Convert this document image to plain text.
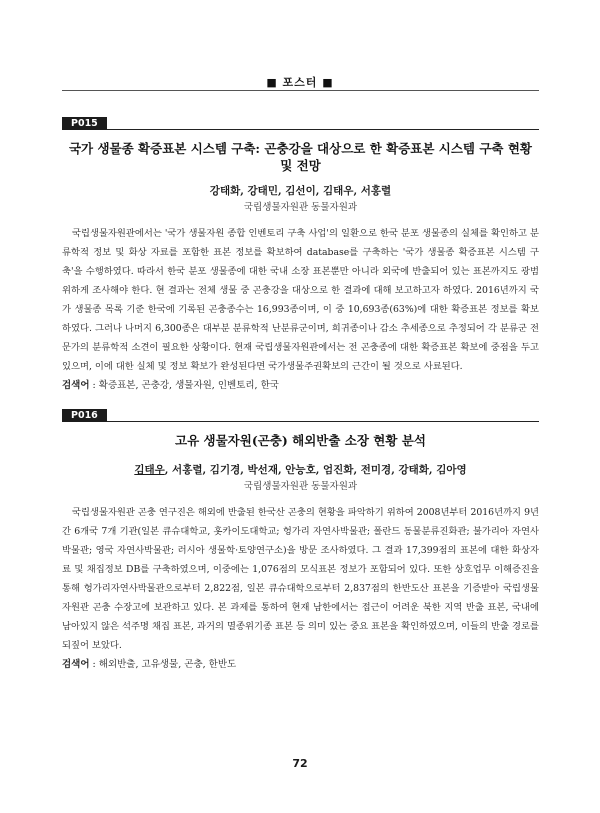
■ 포스터 ■
P015
국가 생물종 확증표본 시스템 구축: 곤충강을 대상으로 한 확증표본 시스템 구축 현황 및 전망
강태화, 강태민, 김선이, 김태우, 서홍렬
국립생물자원관 동물자원과
국립생물자원관에서는 '국가 생물자원 종합 인벤토리 구축 사업'의 일환으로 한국 분포 생물종의 실체를 확인하고 분류학적 정보 및 화상 자료를 포함한 표본 정보를 확보하여 database를 구축하는 '국가 생물종 확증표본 시스템 구축'을 수행하였다. 따라서 한국 분포 생물종에 대한 국내 소장 표본뿐만 아니라 외국에 반출되어 있는 표본까지도 광범위하게 조사해야 한다. 현 결과는 전체 생물 중 곤충강을 대상으로 한 결과에 대해 보고하고자 하였다. 2016년까지 국가 생물종 목록 기준 한국에 기록된 곤충종수는 16,993종이며, 이 중 10,693종(63%)에 대한 확증표본 정보를 확보하였다. 그러나 나머지 6,300종은 대부분 분류학적 난분류군이며, 희귀종이나 감소 추세종으로 추정되어 각 분류군 전문가의 분류학적 소견이 필요한 상황이다. 현재 국립생물자원관에서는 전 곤충종에 대한 확증표본 확보에 중점을 두고 있으며, 이에 대한 실체 및 정보 확보가 완성된다면 국가생물주권확보의 근간이 될 것으로 사료된다.
검색어 : 확증표본, 곤충강, 생물자원, 인벤토리, 한국
P016
고유 생물자원(곤충) 해외반출 소장 현황 분석
김태우, 서홍렬, 김기경, 박선재, 안능호, 엄진화, 전미경, 강태화, 김아영
국립생물자원관 동물자원과
국립생물자원관 곤충 연구진은 해외에 반출된 한국산 곤충의 현황을 파악하기 위하여 2008년부터 2016년까지 9년간 6개국 7개 기관(일본 큐슈대학교, 홋카이도대학교; 헝가리 자연사박물관; 폴란드 동물분류진화관; 불가리아 자연사박물관; 영국 자연사박물관; 러시아 생물학·토양연구소)을 방문 조사하였다. 그 결과 17,399점의 표본에 대한 화상자료 및 채집정보 DB를 구축하였으며, 이중에는 1,076점의 모식표본 정보가 포함되어 있다. 또한 상호업무 이해증진을 통해 헝가리자연사박물관으로부터 2,822점, 일본 큐슈대학으로부터 2,837점의 한반도산 표본을 기증받아 국립생물자원관 곤충 수장고에 보관하고 있다. 본 과제를 통하여 현재 남한에서는 접근이 어려운 북한 지역 반출 표본, 국내에 남아있지 않은 석주명 채집 표본, 과거의 멸종위기종 표본 등 의미 있는 중요 표본을 확인하였으며, 이들의 반출 경로를 되짚어 보았다.
검색어 : 해외반출, 고유생물, 곤충, 한반도
72
